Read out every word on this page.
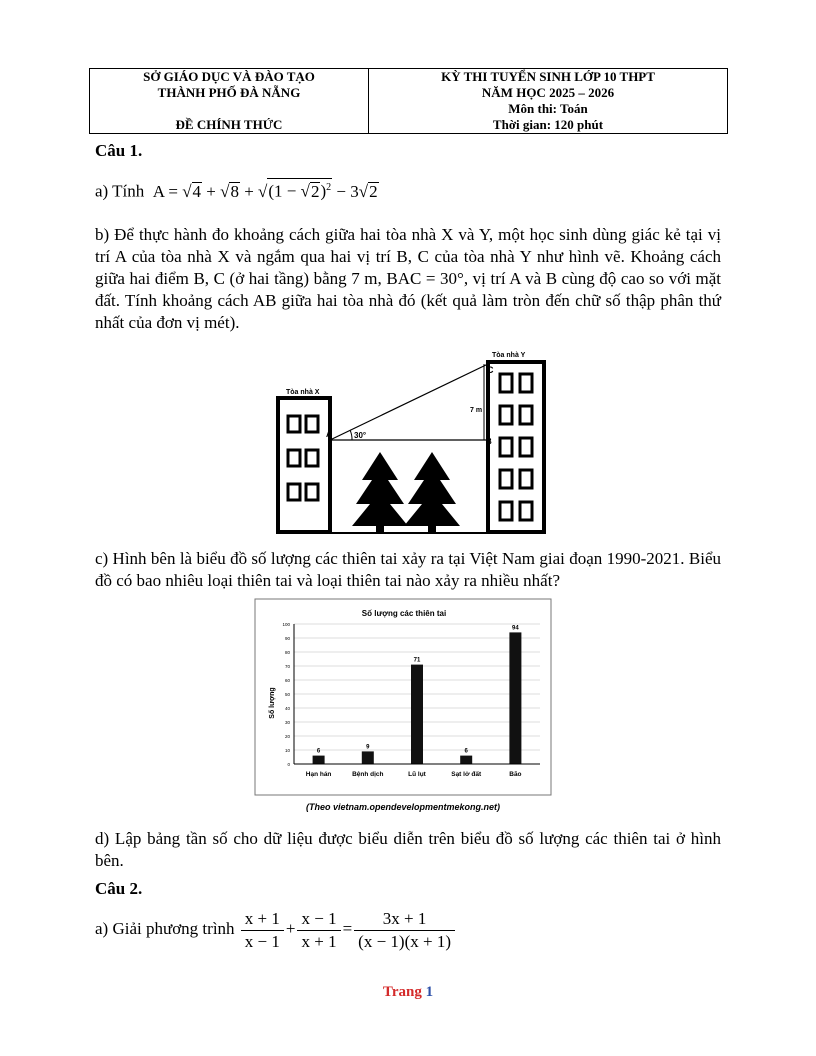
SỞ GIÁO DỤC VÀ ĐÀO TẠO
THÀNH PHỐ ĐÀ NẴNG
ĐỀ CHÍNH THỨC

KỲ THI TUYỂN SINH LỚP 10 THPT
NĂM HỌC 2025 – 2026
Môn thi: Toán
Thời gian: 120 phút
Câu 1.
a) Tính  $A = √4 + √8 + √(1 - √2)^2 - 3√2$
b) Để thực hành đo khoảng cách giữa hai tòa nhà X và Y, một học sinh dùng giác kẻ tại vị trí A của tòa nhà X và ngắm qua hai vị trí B, C của tòa nhà Y như hình vẽ. Khoảng cách giữa hai điểm B, C (ở hai tầng) bằng 7 m, BAC = 30°, vị trí A và B cùng độ cao so với mặt đất. Tính khoảng cách AB giữa hai tòa nhà đó (kết quả làm tròn đến chữ số thập phân thứ nhất của đơn vị mét).
Tòa nhà X
Tòa nhà Y
A
B
C
30°
7 m
c) Hình bên là biểu đồ số lượng các thiên tai xảy ra tại Việt Nam giai đoạn 1990-2021. Biểu đồ có bao nhiêu loại thiên tai và loại thiên tai nào xảy ra nhiều nhất?
Số lượng các thiên tai
Số lượng
0
10
20
30
40
50
60
70
80
90
100
Hạn hán	Bệnh dịch	Lũ lụt	Sạt lở đất	Bão
6
9
71
6
94
(Theo vietnam.opendevelopmentmekong.net)
d) Lập bảng tần số cho dữ liệu được biểu diễn trên biểu đồ số lượng các thiên tai ở hình bên.
Câu 2.
a) Giải phương trình $\frac{x + 1}{x - 1} + \frac{x - 1}{x + 1} = \frac{3x + 1}{(x - 1)(x + 1)}$
Trang 1
